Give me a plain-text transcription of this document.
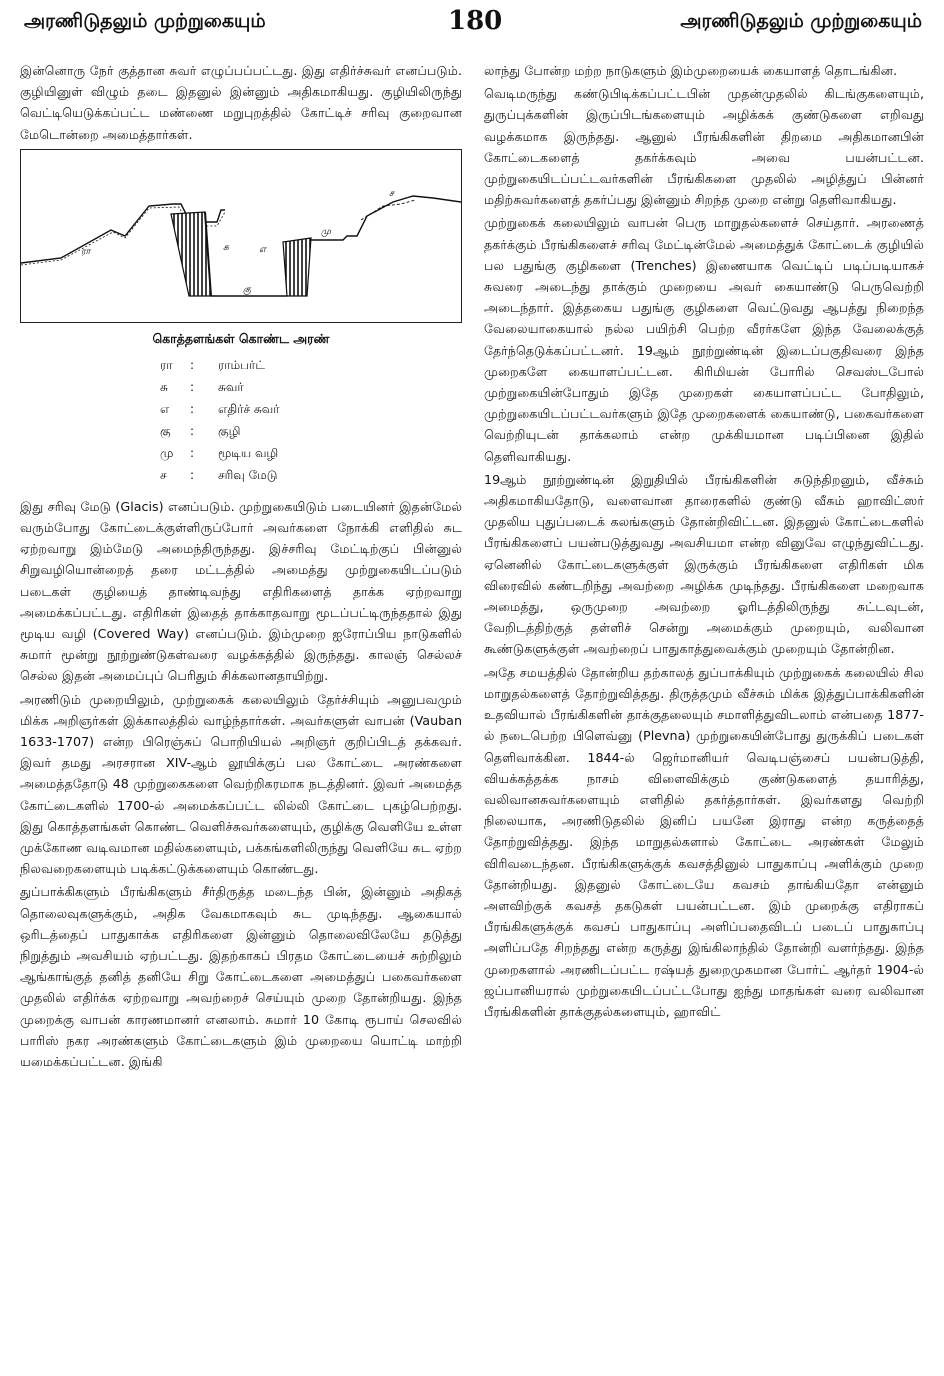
அரணிடுதலும் முற்றுகையும்	180	அரணிடுதலும் முற்றுகையும்

இன்னொரு நேர் குத்தான சுவர் எழுப்பப்பட்டது. இது எதிர்ச்சுவர் எனப்படும். குழியினுள் விழும் தடை இதனுல் இன்னும் அதிகமாகியது. குழியிலிருந்து வெட்டியெடுக்கப்பட்ட மண்ணை மறுபுறத்தில் கோட்டிச் சரிவு குறைவான மேடொன்றை அமைத்தார்கள்.

ரா	சு	எ
கு
மு
ச
கொத்தளங்கள் கொண்ட அரண்
ரா	:	ராம்பர்ட்
சு	:	சுவர்
எ	:	எதிர்ச் சுவர்
கு	:	குழி
மு	:	மூடிய வழி
ச	:	சரிவு மேடு

இது சரிவு மேடு (Glacis) எனப்படும். முற்றுகையிடும் படையினர் இதன்மேல் வரும்போது கோட்டைக்குள்ளிருப்போர் அவர்களை நோக்கி எளிதில் சுட ஏற்றவாறு இம்மேடு அமைந்திருந்தது. இச்சரிவு மேட்டிற்குப் பின்னுல் சிறுவழியொன்றைத் தரை மட்டத்தில் அமைத்து முற்றுகையிடப்படும் படைகள் குழியைத் தாண்டிவந்து எதிரிகளைத் தாக்க ஏற்றவாறு அமைக்கப்பட்டது. எதிரிகள் இதைத் தாக்காதவாறு மூடப்பட்டிருந்ததால் இது மூடிய வழி (Covered Way) எனப்படும். இம்முறை ஐரோப்பிய நாடுகளில் சுமார் மூன்று நூற்றுண்டுகள்வரை வழக்கத்தில் இருந்தது. காலஞ் செல்லச் செல்ல இதன் அமைப்புப் பெரிதும் சிக்கலானதாயிற்று.

அரணிடும் முறையிலும், முற்றுகைக் கலையிலும் தேர்ச்சியும் அனுபவமும் மிக்க அறிஞர்கள் இக்காலத்தில் வாழ்ந்தார்கள். அவர்களுள் வாபன் (Vauban 1633-1707) என்ற பிரெஞ்சுப் பொறியியல் அறிஞர் குறிப்பிடத் தக்கவர். இவர் தமது அரசரான XIV-ஆம் லூயிக்குப் பல கோட்டை அரண்களை அமைத்ததோடு 48 முற்றுகைகளை வெற்றிகரமாக நடத்தினர். இவர் அமைத்த கோட்டைகளில் 1700-ல் அமைக்கப்பட்ட லில்லி கோட்டை புகழ்பெற்றது. இது கொத்தளங்கள் கொண்ட வெளிச்சுவர்களையும், குழிக்கு வெளியே உள்ள முக்கோண வடிவமான மதில்களையும், பக்கங்களிலிருந்து வெளியே சுட ஏற்ற நிலவறைகளையும் படிக்கட்டுக்களையும் கொண்டது.

துப்பாக்கிகளும் பீரங்கிகளும் சீர்திருத்த மடைந்த பின், இன்னும் அதிகத் தொலைவுகளுக்கும், அதிக வேகமாகவும் சுட முடிந்தது. ஆகையால் ஒரிடத்தைப் பாதுகாக்க எதிரிகளை இன்னும் தொலைவிலேயே தடுத்து நிறுத்தும் அவசியம் ஏற்பட்டது. இதற்காகப் பிரதம கோட்டையைச் சுற்றிலும் ஆங்காங்குத் தனித் தனியே சிறு கோட்டைகளை அமைத்துப் பகைவர்களை முதலில் எதிர்க்க ஏற்றவாறு அவற்றைச் செய்யும் முறை தோன்றியது. இந்த முறைக்கு வாபன் காரணமானர் எனலாம். சுமார் 10 கோடி ரூபாய் செலவில் பாரிஸ் நகர அரண்களும் கோட்டைகளும் இம் முறையை யொட்டி மாற்றி யமைக்கப்பட்டன. இங்கி

லாந்து போன்ற மற்ற நாடுகளும் இம்முறையைக் கையாளத் தொடங்கின.

வெடிமருந்து கண்டுபிடிக்கப்பட்டபின் முதன்முதலில் கிடங்குகளையும், துருப்புக்களின் இருப்பிடங்களையும் அழிக்கக் குண்டுகளை எறிவது வழக்கமாக இருந்தது. ஆனுல் பீரங்கிகளின் திறமை அதிகமானபின் கோட்டைகளைத் தகர்க்கவும் அவை பயன்பட்டன. முற்றுகையிடப்பட்டவர்களின் பீரங்கிகளை முதலில் அழித்துப் பின்னர் மதிற்சுவர்களைத் தகர்ப்பது இன்னும் சிறந்த முறை என்று தெளிவாகியது.

முற்றுகைக் கலையிலும் வாபன் பெரு மாறுதல்களைச் செய்தார். அரணைத் தகர்க்கும் பீரங்கிகளைச் சரிவு மேட்டின்மேல் அமைத்துக் கோட்டைக் குழியில் பல பதுங்கு குழிகளை (Trenches) இணையாக வெட்டிப் படிப்படியாகச் சுவரை அடைந்து தாக்கும் முறையை அவர் கையாண்டு பெருவெற்றி அடைந்தார். இத்தகைய பதுங்கு குழிகளை வெட்டுவது ஆபத்து நிறைந்த வேலையாகையால் நல்ல பயிற்சி பெற்ற வீரர்களே இந்த வேலைக்குத் தேர்ந்தெடுக்கப்பட்டனர். 19ஆம் நூற்றுண்டின் இடைப்பகுதிவரை இந்த முறைகளே கையாளப்பட்டன. கிரிமியன் போரில் செவஸ்டபோல் முற்றுகையின்போதும் இதே முறைகள் கையாளப்பட்ட போதிலும், முற்றுகையிடப்பட்டவர்களும் இதே முறைகளைக் கையாண்டு, பகைவர்களை வெற்றியுடன் தாக்கலாம் என்ற முக்கியமான படிப்பினை இதில் தெளிவாகியது.

19ஆம் நூற்றுண்டின் இறுதியில் பீரங்கிகளின் சுடுந்திறனும், வீச்சும் அதிகமாகியதோடு, வளைவான தாரைகளில் குண்டு வீசும் ஹாவிட்ஸர் முதலிய புதுப்படைக் கலங்களும் தோன்றிவிட்டன. இதனுல் கோட்டைகளில் பீரங்கிகளைப் பயன்படுத்துவது அவசியமா என்ற வினுவே எழுந்துவிட்டது. ஏனெனில் கோட்டைகளுக்குள் இருக்கும் பீரங்கிகளை எதிரிகள் மிக விரைவில் கண்டறிந்து அவற்றை அழிக்க முடிந்தது. பீரங்கிகளை மறைவாக அமைத்து, ஒருமுறை அவற்றை ஓரிடத்திலிருந்து சுட்டவுடன், வேறிடத்திற்குத் தள்ளிச் சென்று அமைக்கும் முறையும், வலிவான கூண்டுகளுக்குள் அவற்றைப் பாதுகாத்துவைக்கும் முறையும் தோன்றின.

அதே சமயத்தில் தோன்றிய தற்காலத் துப்பாக்கியும் முற்றுகைக் கலையில் சில மாறுதல்களைத் தோற்றுவித்தது. திருத்தமும் வீச்சும் மிக்க இத்துப்பாக்கிகளின் உதவியால் பீரங்கிகளின் தாக்குதலையும் சமாளித்துவிடலாம் என்பதை 1877-ல் நடைபெற்ற பிளெவ்னு (Plevna) முற்றுகையின்போது துருக்கிப் படைகள் தெளிவாக்கின. 1844-ல் ஜெர்மானியர் வெடிபஞ்சைப் பயன்படுத்தி, வியக்கத்தக்க நாசம் விளைவிக்கும் குண்டுகளைத் தயாரித்து, வலிவானசுவர்களையும் எளிதில் தகர்த்தார்கள். இவர்களது வெற்றி நிலையாக, அரணிடுதலில் இனிப் பயனே இராது என்ற கருத்தைத் தோற்றுவித்தது. இந்த மாறுதல்களால் கோட்டை அரண்கள் மேலும் விரிவடைந்தன. பீரங்கிகளுக்குக் கவசத்தினுல் பாதுகாப்பு அளிக்கும் முறை தோன்றியது. இதனுல் கோட்டையே கவசம் தாங்கியதோ என்னும் அளவிற்குக் கவசத் தகடுகள் பயன்பட்டன. இம் முறைக்கு எதிராகப் பீரங்கிகளுக்குக் கவசப் பாதுகாப்பு அளிப்பதைவிடப் படைப் பாதுகாப்பு அளிப்பதே சிறந்தது என்ற கருத்து இங்கிலாந்தில் தோன்றி வளர்ந்தது. இந்த முறைகளால் அரணிடப்பட்ட ரஷ்யத் துறைமுகமான போர்ட் ஆர்தர் 1904-ல் ஜப்பானியரால் முற்றுகையிடப்பட்டபோது ஐந்து மாதங்கள் வரை வலிவான பீரங்கிகளின் தாக்குதல்களையும், ஹாவிட்
